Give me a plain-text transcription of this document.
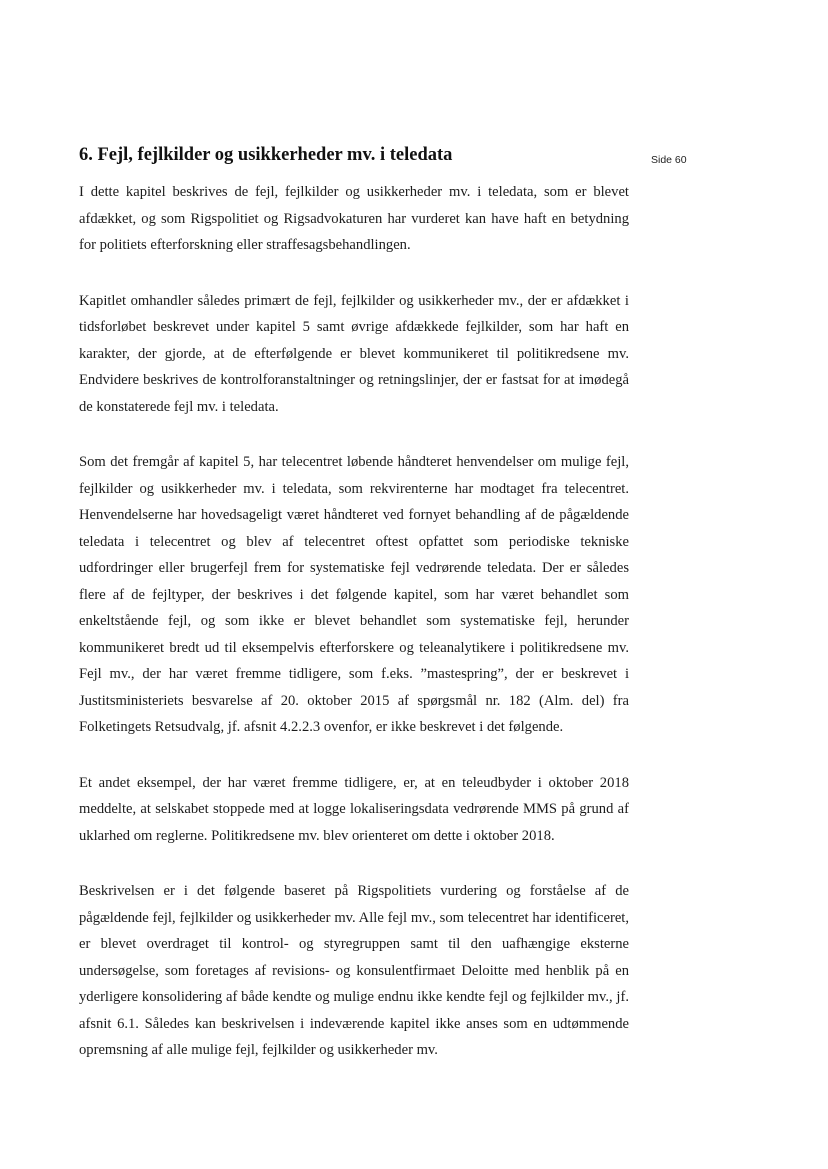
6. Fejl, fejlkilder og usikkerheder mv. i teledata	Side 60

I dette kapitel beskrives de fejl, fejlkilder og usikkerheder mv. i teledata, som er blevet afdækket, og som Rigspolitiet og Rigsadvokaturen har vurderet kan have haft en betydning for politiets efterforskning eller straffesagsbehandlingen.

Kapitlet omhandler således primært de fejl, fejlkilder og usikkerheder mv., der er afdækket i tidsforløbet beskrevet under kapitel 5 samt øvrige afdækkede fejlkilder, som har haft en karakter, der gjorde, at de efterfølgende er blevet kommunikeret til politikredsene mv. Endvidere beskrives de kontrolforanstaltninger og retningslinjer, der er fastsat for at imødegå de konstaterede fejl mv. i teledata.

Som det fremgår af kapitel 5, har telecentret løbende håndteret henvendelser om mulige fejl, fejlkilder og usikkerheder mv. i teledata, som rekvirenterne har modtaget fra telecentret. Henvendelserne har hovedsageligt været håndteret ved fornyet behandling af de pågældende teledata i telecentret og blev af telecentret oftest opfattet som periodiske tekniske udfordringer eller brugerfejl frem for systematiske fejl vedrørende teledata. Der er således flere af de fejltyper, der beskrives i det følgende kapitel, som har været behandlet som enkeltstående fejl, og som ikke er blevet behandlet som systematiske fejl, herunder kommunikeret bredt ud til eksempelvis efterforskere og teleanalytikere i politikredsene mv. Fejl mv., der har været fremme tidligere, som f.eks. ”mastespring”, der er beskrevet i Justitsministeriets besvarelse af 20. oktober 2015 af spørgsmål nr. 182 (Alm. del) fra Folketingets Retsudvalg, jf. afsnit 4.2.2.3 ovenfor, er ikke beskrevet i det følgende.

Et andet eksempel, der har været fremme tidligere, er, at en teleudbyder i oktober 2018 meddelte, at selskabet stoppede med at logge lokaliseringsdata vedrørende MMS på grund af uklarhed om reglerne. Politikredsene mv. blev orienteret om dette i oktober 2018.

Beskrivelsen er i det følgende baseret på Rigspolitiets vurdering og forståelse af de pågældende fejl, fejlkilder og usikkerheder mv. Alle fejl mv., som telecentret har identificeret, er blevet overdraget til kontrol- og styregruppen samt til den uafhængige eksterne undersøgelse, som foretages af revisions- og konsulentfirmaet Deloitte med henblik på en yderligere konsolidering af både kendte og mulige endnu ikke kendte fejl og fejlkilder mv., jf. afsnit 6.1. Således kan beskrivelsen i indeværende kapitel ikke anses som en udtømmende opremsning af alle mulige fejl, fejlkilder og usikkerheder mv.
